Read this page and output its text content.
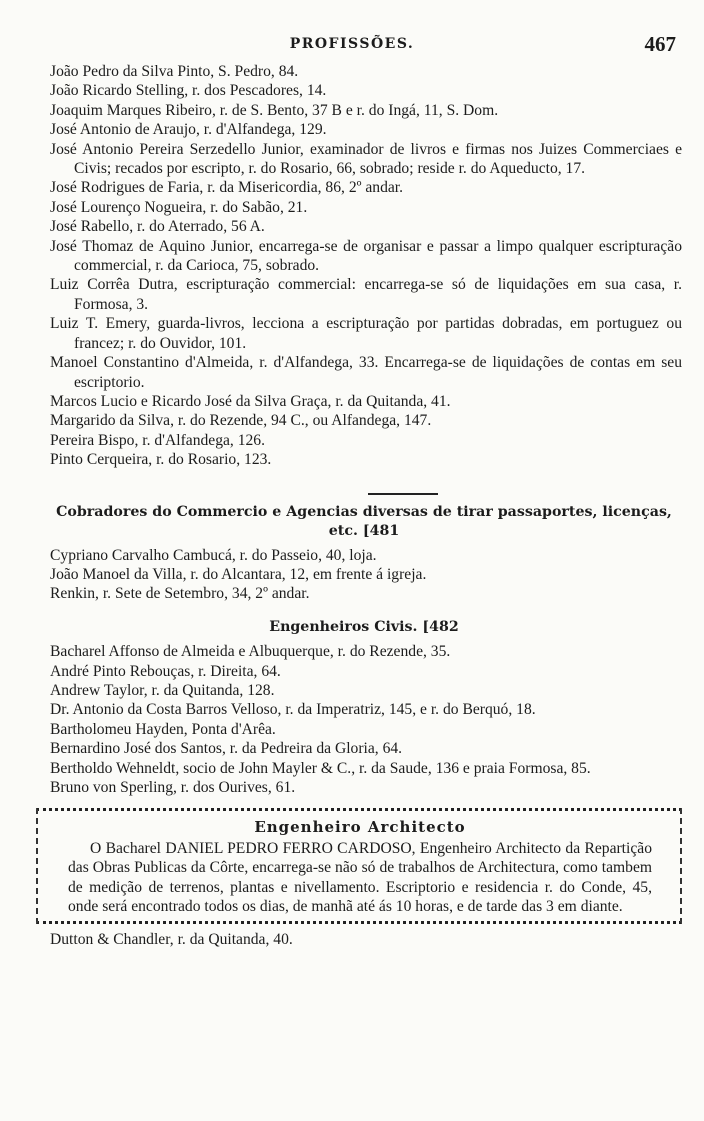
PROFISSÕES.	467
João Pedro da Silva Pinto, S. Pedro, 84.
João Ricardo Stelling, r. dos Pescadores, 14.
Joaquim Marques Ribeiro, r. de S. Bento, 37 B e r. do Ingá, 11, S. Dom.
José Antonio de Araujo, r. d'Alfandega, 129.
José Antonio Pereira Serzedello Junior, examinador de livros e firmas nos Juizes Commerciaes e Civis; recados por escripto, r. do Rosario, 66, sobrado; reside r. do Aqueducto, 17.
José Rodrigues de Faria, r. da Misericordia, 86, 2º andar.
José Lourenço Nogueira, r. do Sabão, 21.
José Rabello, r. do Aterrado, 56 A.
José Thomaz de Aquino Junior, encarrega-se de organisar e passar a limpo qualquer escripturação commercial, r. da Carioca, 75, sobrado.
Luiz Corrêa Dutra, escripturação commercial: encarrega-se só de liquidações em sua casa, r. Formosa, 3.
Luiz T. Emery, guarda-livros, lecciona a escripturação por partidas dobradas, em portuguez ou francez; r. do Ouvidor, 101.
Manoel Constantino d'Almeida, r. d'Alfandega, 33. Encarrega-se de liquidações de contas em seu escriptorio.
Marcos Lucio e Ricardo José da Silva Graça, r. da Quitanda, 41.
Margarido da Silva, r. do Rezende, 94 C., ou Alfandega, 147.
Pereira Bispo, r. d'Alfandega, 126.
Pinto Cerqueira, r. do Rosario, 123.
Cobradores do Commercio e Agencias diversas de tirar passaportes, licenças, etc. [481
Cypriano Carvalho Cambucá, r. do Passeio, 40, loja.
João Manoel da Villa, r. do Alcantara, 12, em frente á igreja.
Renkin, r. Sete de Setembro, 34, 2º andar.
Engenheiros Civis. [482
Bacharel Affonso de Almeida e Albuquerque, r. do Rezende, 35.
André Pinto Rebouças, r. Direita, 64.
Andrew Taylor, r. da Quitanda, 128.
Dr. Antonio da Costa Barros Velloso, r. da Imperatriz, 145, e r. do Berquó, 18.
Bartholomeu Hayden, Ponta d'Arêa.
Bernardino José dos Santos, r. da Pedreira da Gloria, 64.
Bertholdo Wehneldt, socio de John Mayler & C., r. da Saude, 136 e praia Formosa, 85.
Bruno von Sperling, r. dos Ourives, 61.
Engenheiro Architecto
O Bacharel DANIEL PEDRO FERRO CARDOSO, Engenheiro Architecto da Repartição das Obras Publicas da Côrte, encarrega-se não só de trabalhos de Architectura, como tambem de medição de terrenos, plantas e nivellamento. Escriptorio e residencia r. do Conde, 45, onde será encontrado todos os dias, de manhã até ás 10 horas, e de tarde das 3 em diante.
Dutton & Chandler, r. da Quitanda, 40.
